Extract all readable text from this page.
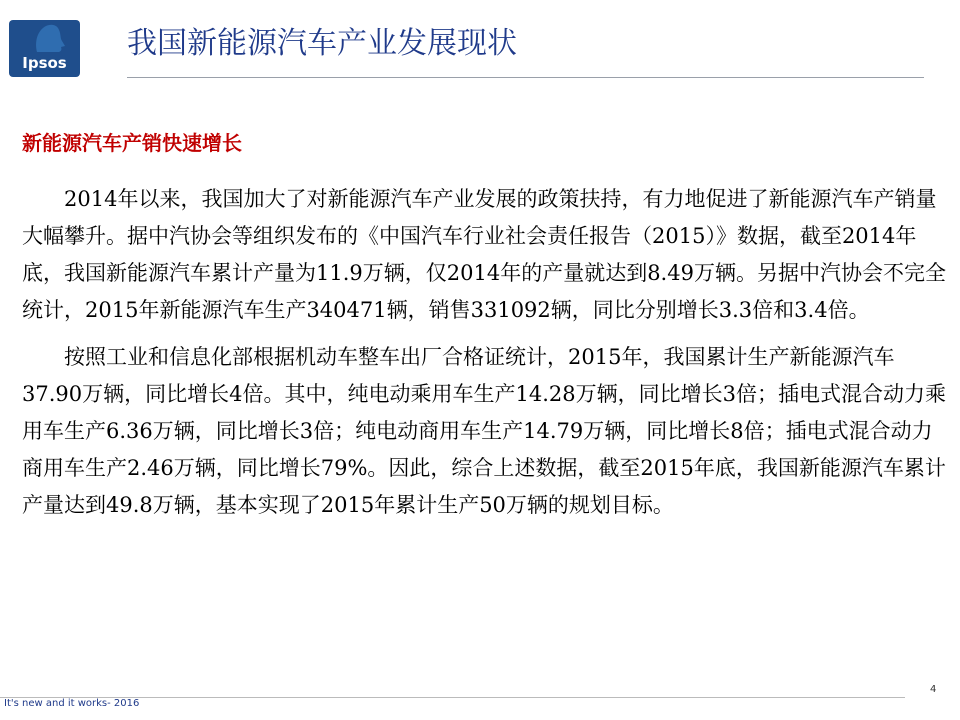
Ipsos
我国新能源汽车产业发展现状
新能源汽车产销快速增长

2014年以来，我国加大了对新能源汽车产业发展的政策扶持，有力地促进了新能源汽车产销量大幅攀升。据中汽协会等组织发布的《中国汽车行业社会责任报告（2015）》数据，截至2014年底，我国新能源汽车累计产量为11.9万辆，仅2014年的产量就达到8.49万辆。另据中汽协会不完全统计，2015年新能源汽车生产340471辆，销售331092辆，同比分别增长3.3倍和3.4倍。

按照工业和信息化部根据机动车整车出厂合格证统计，2015年，我国累计生产新能源汽车37.90万辆，同比增长4倍。其中，纯电动乘用车生产14.28万辆，同比增长3倍；插电式混合动力乘用车生产6.36万辆，同比增长3倍；纯电动商用车生产14.79万辆，同比增长8倍；插电式混合动力商用车生产2.46万辆，同比增长79%。因此，综合上述数据，截至2015年底，我国新能源汽车累计产量达到49.8万辆，基本实现了2015年累计生产50万辆的规划目标。

It's new and it works- 2016
4
